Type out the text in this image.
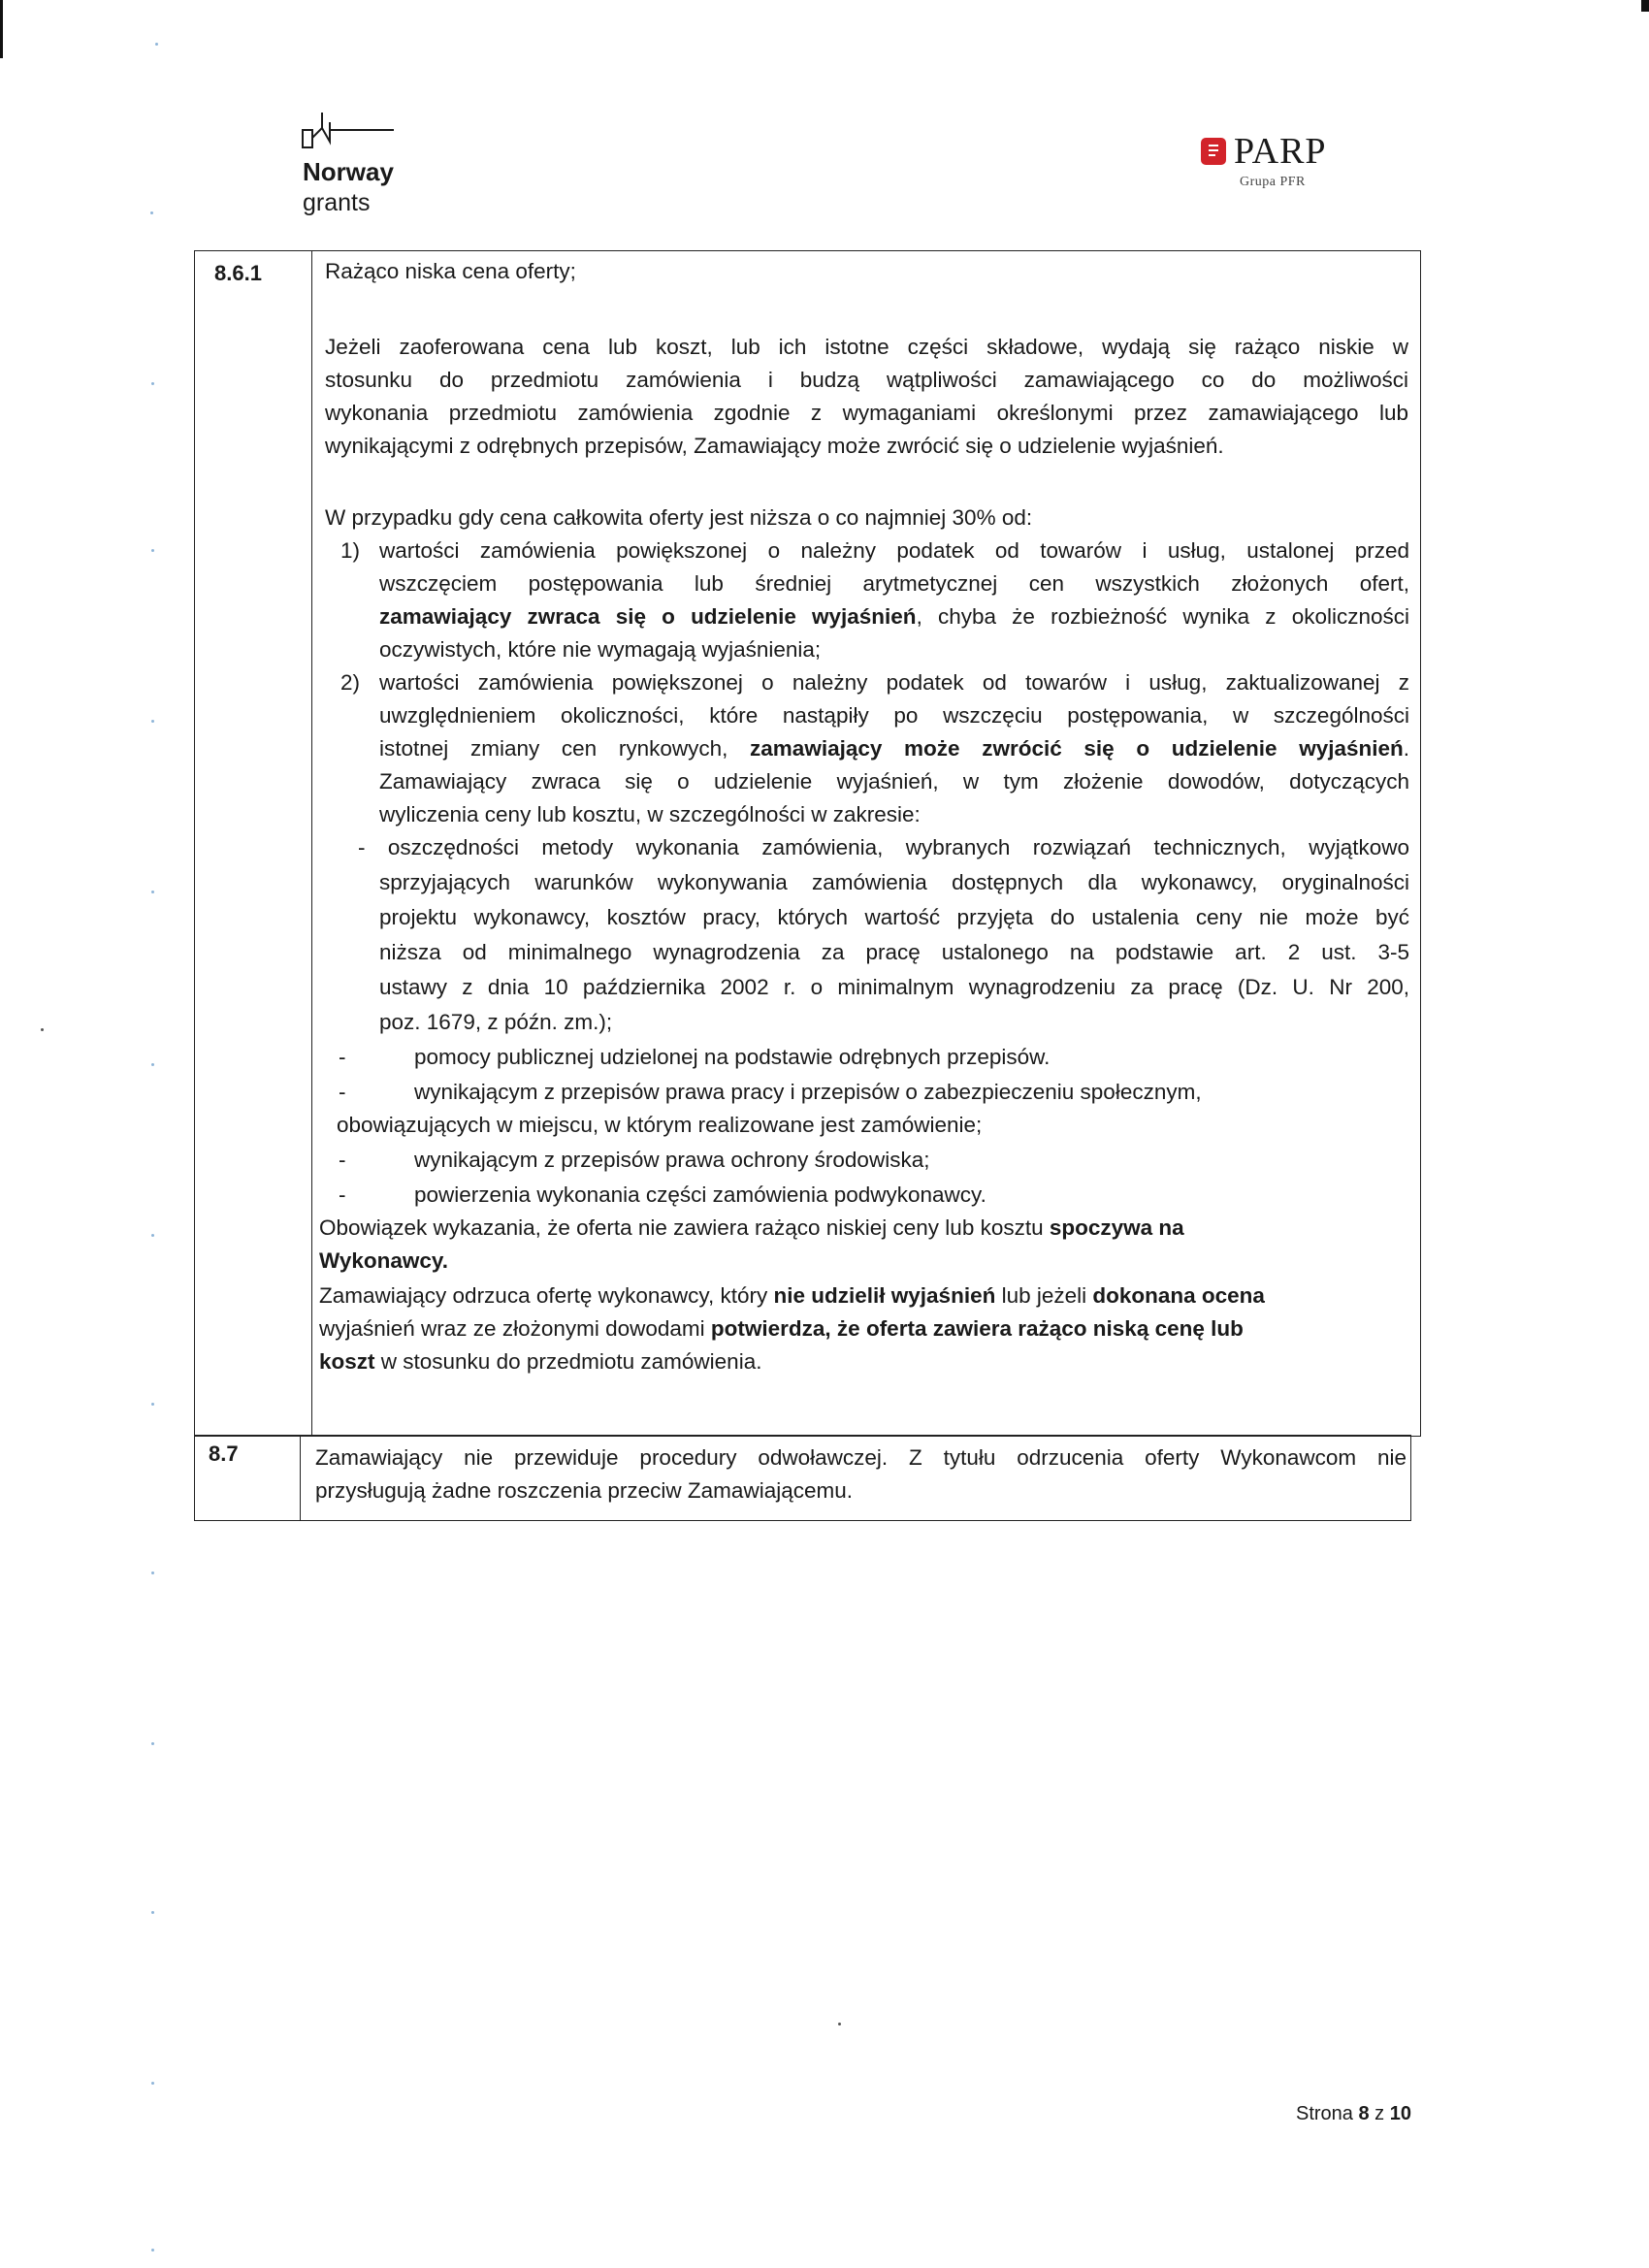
Norway
grants
PARP
Grupa PFR
8.6.1	Rażąco niska cena oferty;
Jeżeli zaoferowana cena lub koszt, lub ich istotne części składowe, wydają się rażąco niskie w
stosunku do przedmiotu zamówienia i budzą wątpliwości zamawiającego co do możliwości
wykonania przedmiotu zamówienia zgodnie z wymaganiami określonymi przez zamawiającego lub
wynikającymi z odrębnych przepisów, Zamawiający może zwrócić się o udzielenie wyjaśnień.
W przypadku gdy cena całkowita oferty jest niższa o co najmniej 30% od:
1) wartości zamówienia powiększonej o należny podatek od towarów i usług, ustalonej przed
wszczęciem postępowania lub średniej arytmetycznej cen wszystkich złożonych ofert,
zamawiający zwraca się o udzielenie wyjaśnień, chyba że rozbieżność wynika z okoliczności
oczywistych, które nie wymagają wyjaśnienia;
2) wartości zamówienia powiększonej o należny podatek od towarów i usług, zaktualizowanej z
uwzględnieniem okoliczności, które nastąpiły po wszczęciu postępowania, w szczególności
istotnej zmiany cen rynkowych, zamawiający może zwrócić się o udzielenie wyjaśnień.
Zamawiający zwraca się o udzielenie wyjaśnień, w tym złożenie dowodów, dotyczących
wyliczenia ceny lub kosztu, w szczególności w zakresie:
- oszczędności metody wykonania zamówienia, wybranych rozwiązań technicznych, wyjątkowo
sprzyjających warunków wykonywania zamówienia dostępnych dla wykonawcy, oryginalności
projektu wykonawcy, kosztów pracy, których wartość przyjęta do ustalenia ceny nie może być
niższa od minimalnego wynagrodzenia za pracę ustalonego na podstawie art. 2 ust. 3-5
ustawy z dnia 10 października 2002 r. o minimalnym wynagrodzeniu za pracę (Dz. U. Nr 200,
poz. 1679, z późn. zm.);
-	pomocy publicznej udzielonej na podstawie odrębnych przepisów.
-	wynikającym z przepisów prawa pracy i przepisów o zabezpieczeniu społecznym,
obowiązujących w miejscu, w którym realizowane jest zamówienie;
-	wynikającym z przepisów prawa ochrony środowiska;
-	powierzenia wykonania części zamówienia podwykonawcy.
Obowiązek wykazania, że oferta nie zawiera rażąco niskiej ceny lub kosztu spoczywa na
Wykonawcy.
Zamawiający odrzuca ofertę wykonawcy, który nie udzielił wyjaśnień lub jeżeli dokonana ocena
wyjaśnień wraz ze złożonymi dowodami potwierdza, że oferta zawiera rażąco niską cenę lub
koszt w stosunku do przedmiotu zamówienia.
8.7	Zamawiający nie przewiduje procedury odwoławczej. Z tytułu odrzucenia oferty Wykonawcom nie
przysługują żadne roszczenia przeciw Zamawiającemu.
Strona 8 z 10
